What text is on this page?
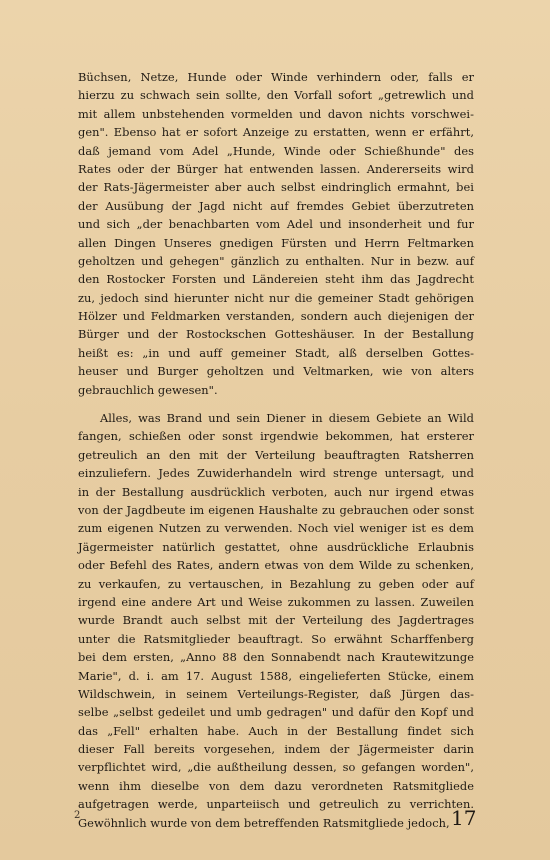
Büchsen, Netze, Hunde oder Winde verhindern oder, falls er
hierzu zu schwach sein sollte, den Vorfall sofort „getrewlich und
mit allem unbstehenden vormelden und davon nichts vorschwei-
gen". Ebenso hat er sofort Anzeige zu erstatten, wenn er erfährt,
daß jemand vom Adel „Hunde, Winde oder Schießhunde" des
Rates oder der Bürger hat entwenden lassen. Andererseits wird
der Rats-Jägermeister aber auch selbst eindringlich ermahnt, bei
der Ausübung der Jagd nicht auf fremdes Gebiet überzutreten
und sich „der benachbarten vom Adel und insonderheit und fur
allen Dingen Unseres gnedigen Fürsten und Herrn Feltmarken
geholtzen und gehegen" gänzlich zu enthalten. Nur in bezw. auf
den Rostocker Forsten und Ländereien steht ihm das Jagdrecht
zu, jedoch sind hierunter nicht nur die gemeiner Stadt gehörigen
Hölzer und Feldmarken verstanden, sondern auch diejenigen der
Bürger und der Rostockschen Gotteshäuser. In der Bestallung
heißt es: „in und auff gemeiner Stadt, alß derselben Gottes-
heuser und Burger geholtzen und Veltmarken, wie von alters
gebrauchlich gewesen".
Alles, was Brand und sein Diener in diesem Gebiete an Wild
fangen, schießen oder sonst irgendwie bekommen, hat ersterer
getreulich an den mit der Verteilung beauftragten Ratsherren
einzuliefern. Jedes Zuwiderhandeln wird strenge untersagt, und
in der Bestallung ausdrücklich verboten, auch nur irgend etwas
von der Jagdbeute im eigenen Haushalte zu gebrauchen oder sonst
zum eigenen Nutzen zu verwenden. Noch viel weniger ist es dem
Jägermeister natürlich gestattet, ohne ausdrückliche Erlaubnis
oder Befehl des Rates, andern etwas von dem Wilde zu schenken,
zu verkaufen, zu vertauschen, in Bezahlung zu geben oder auf
irgend eine andere Art und Weise zukommen zu lassen. Zuweilen
wurde Brandt auch selbst mit der Verteilung des Jagdertrages
unter die Ratsmitglieder beauftragt. So erwähnt Scharffenberg
bei dem ersten, „Anno 88 den Sonnabendt nach Krautewitzunge
Marie", d. i. am 17. August 1588, eingelieferten Stücke, einem
Wildschwein, in seinem Verteilungs-Register, daß Jürgen das-
selbe „selbst gedeilet und umb gedragen" und dafür den Kopf und
das „Fell" erhalten habe. Auch in der Bestallung findet sich
dieser Fall bereits vorgesehen, indem der Jägermeister darin
verpflichtet wird, „die außtheilung dessen, so gefangen worden",
wenn ihm dieselbe von dem dazu verordneten Ratsmitgliede
aufgetragen werde, unparteiisch und getreulich zu verrichten.
Gewöhnlich wurde von dem betreffenden Ratsmitgliede jedoch,
2	17
